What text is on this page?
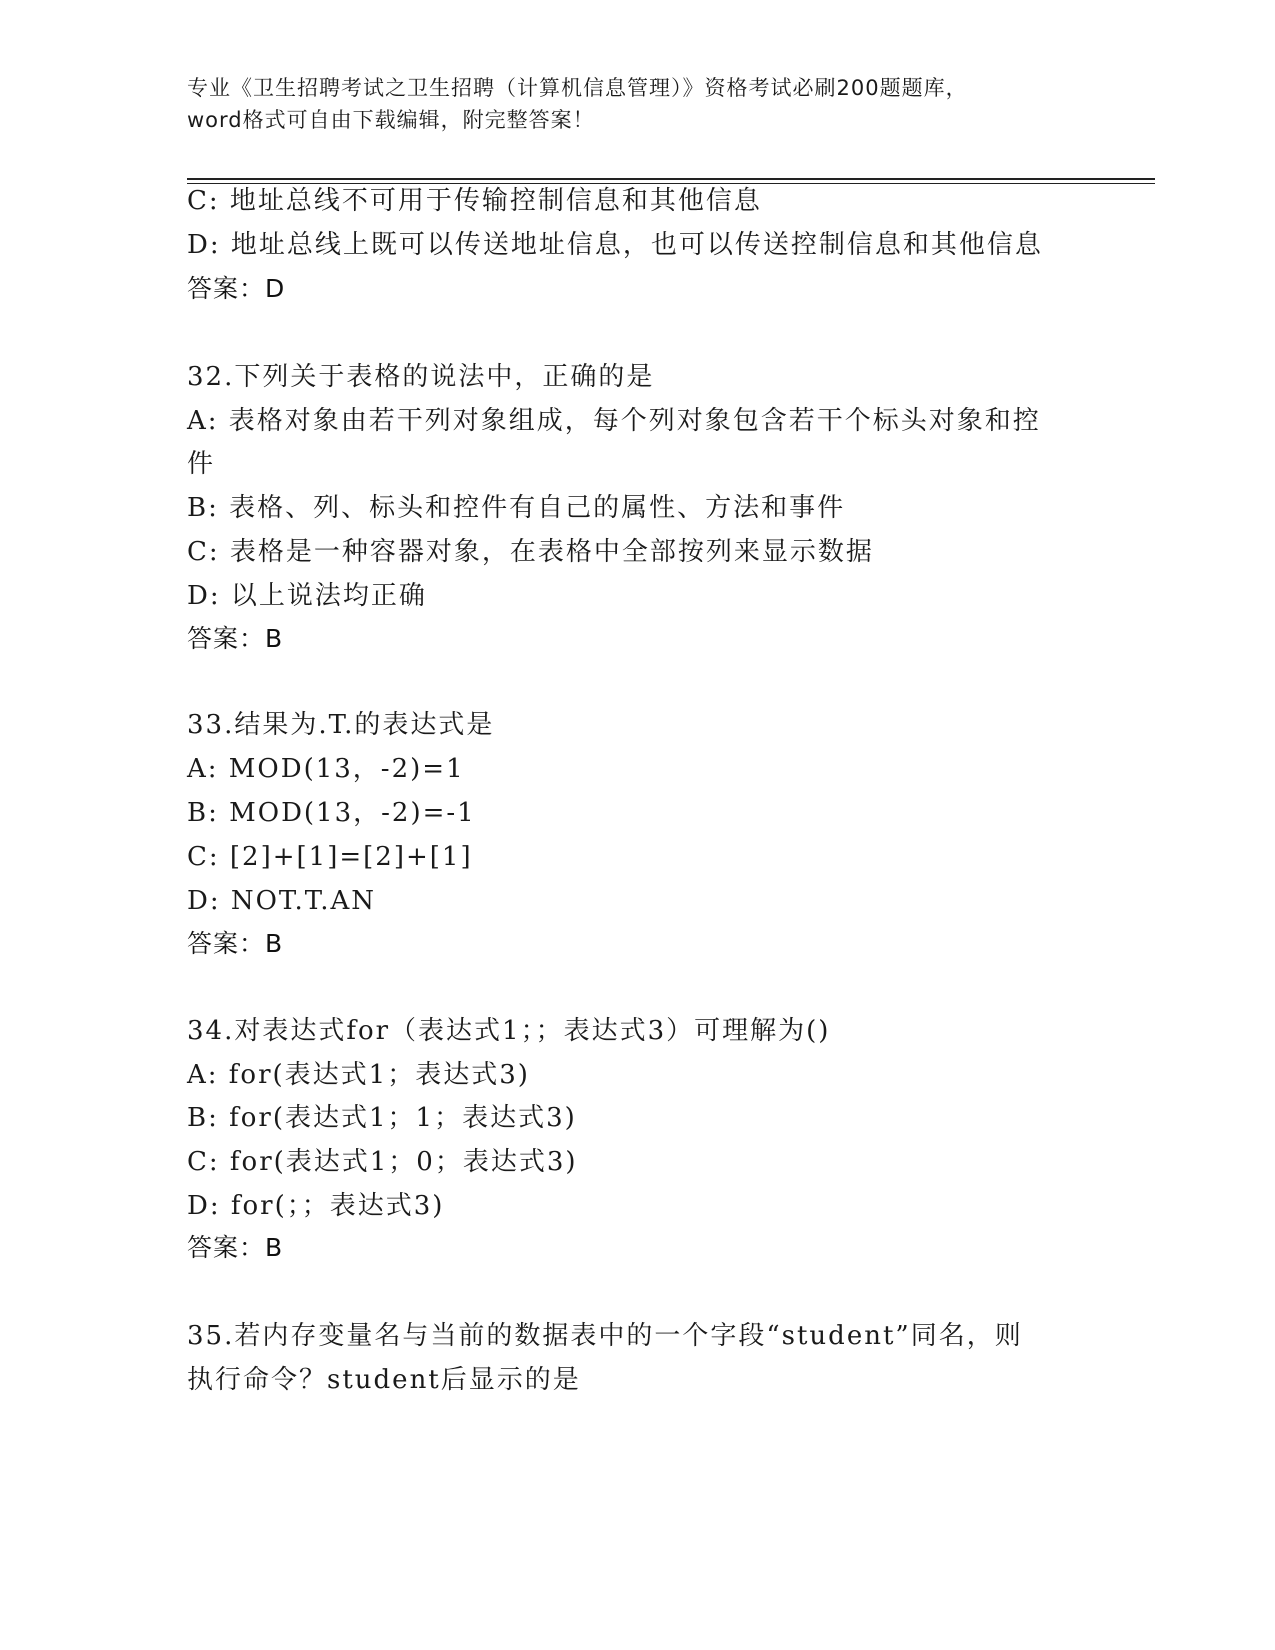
专业《卫生招聘考试之卫生招聘（计算机信息管理）》资格考试必刷200题题库，
word格式可自由下载编辑，附完整答案！
C: 地址总线不可用于传输控制信息和其他信息
D: 地址总线上既可以传送地址信息，也可以传送控制信息和其他信息
答案：D
32.下列关于表格的说法中，正确的是
A: 表格对象由若干列对象组成，每个列对象包含若干个标头对象和控
件
B: 表格、列、标头和控件有自己的属性、方法和事件
C: 表格是一种容器对象，在表格中全部按列来显示数据
D: 以上说法均正确
答案：B
33.结果为.T.的表达式是
A: MOD(13，-2)=1
B: MOD(13，-2)=-1
C: [2]+[1]=[2]+[1]
D: NOT.T.AN
答案：B
34.对表达式for（表达式1；；表达式3）可理解为()
A: for(表达式1；表达式3)
B: for(表达式1；1；表达式3)
C: for(表达式1；0；表达式3)
D: for(；；表达式3)
答案：B
35.若内存变量名与当前的数据表中的一个字段“student”同名，则
执行命令？student后显示的是
